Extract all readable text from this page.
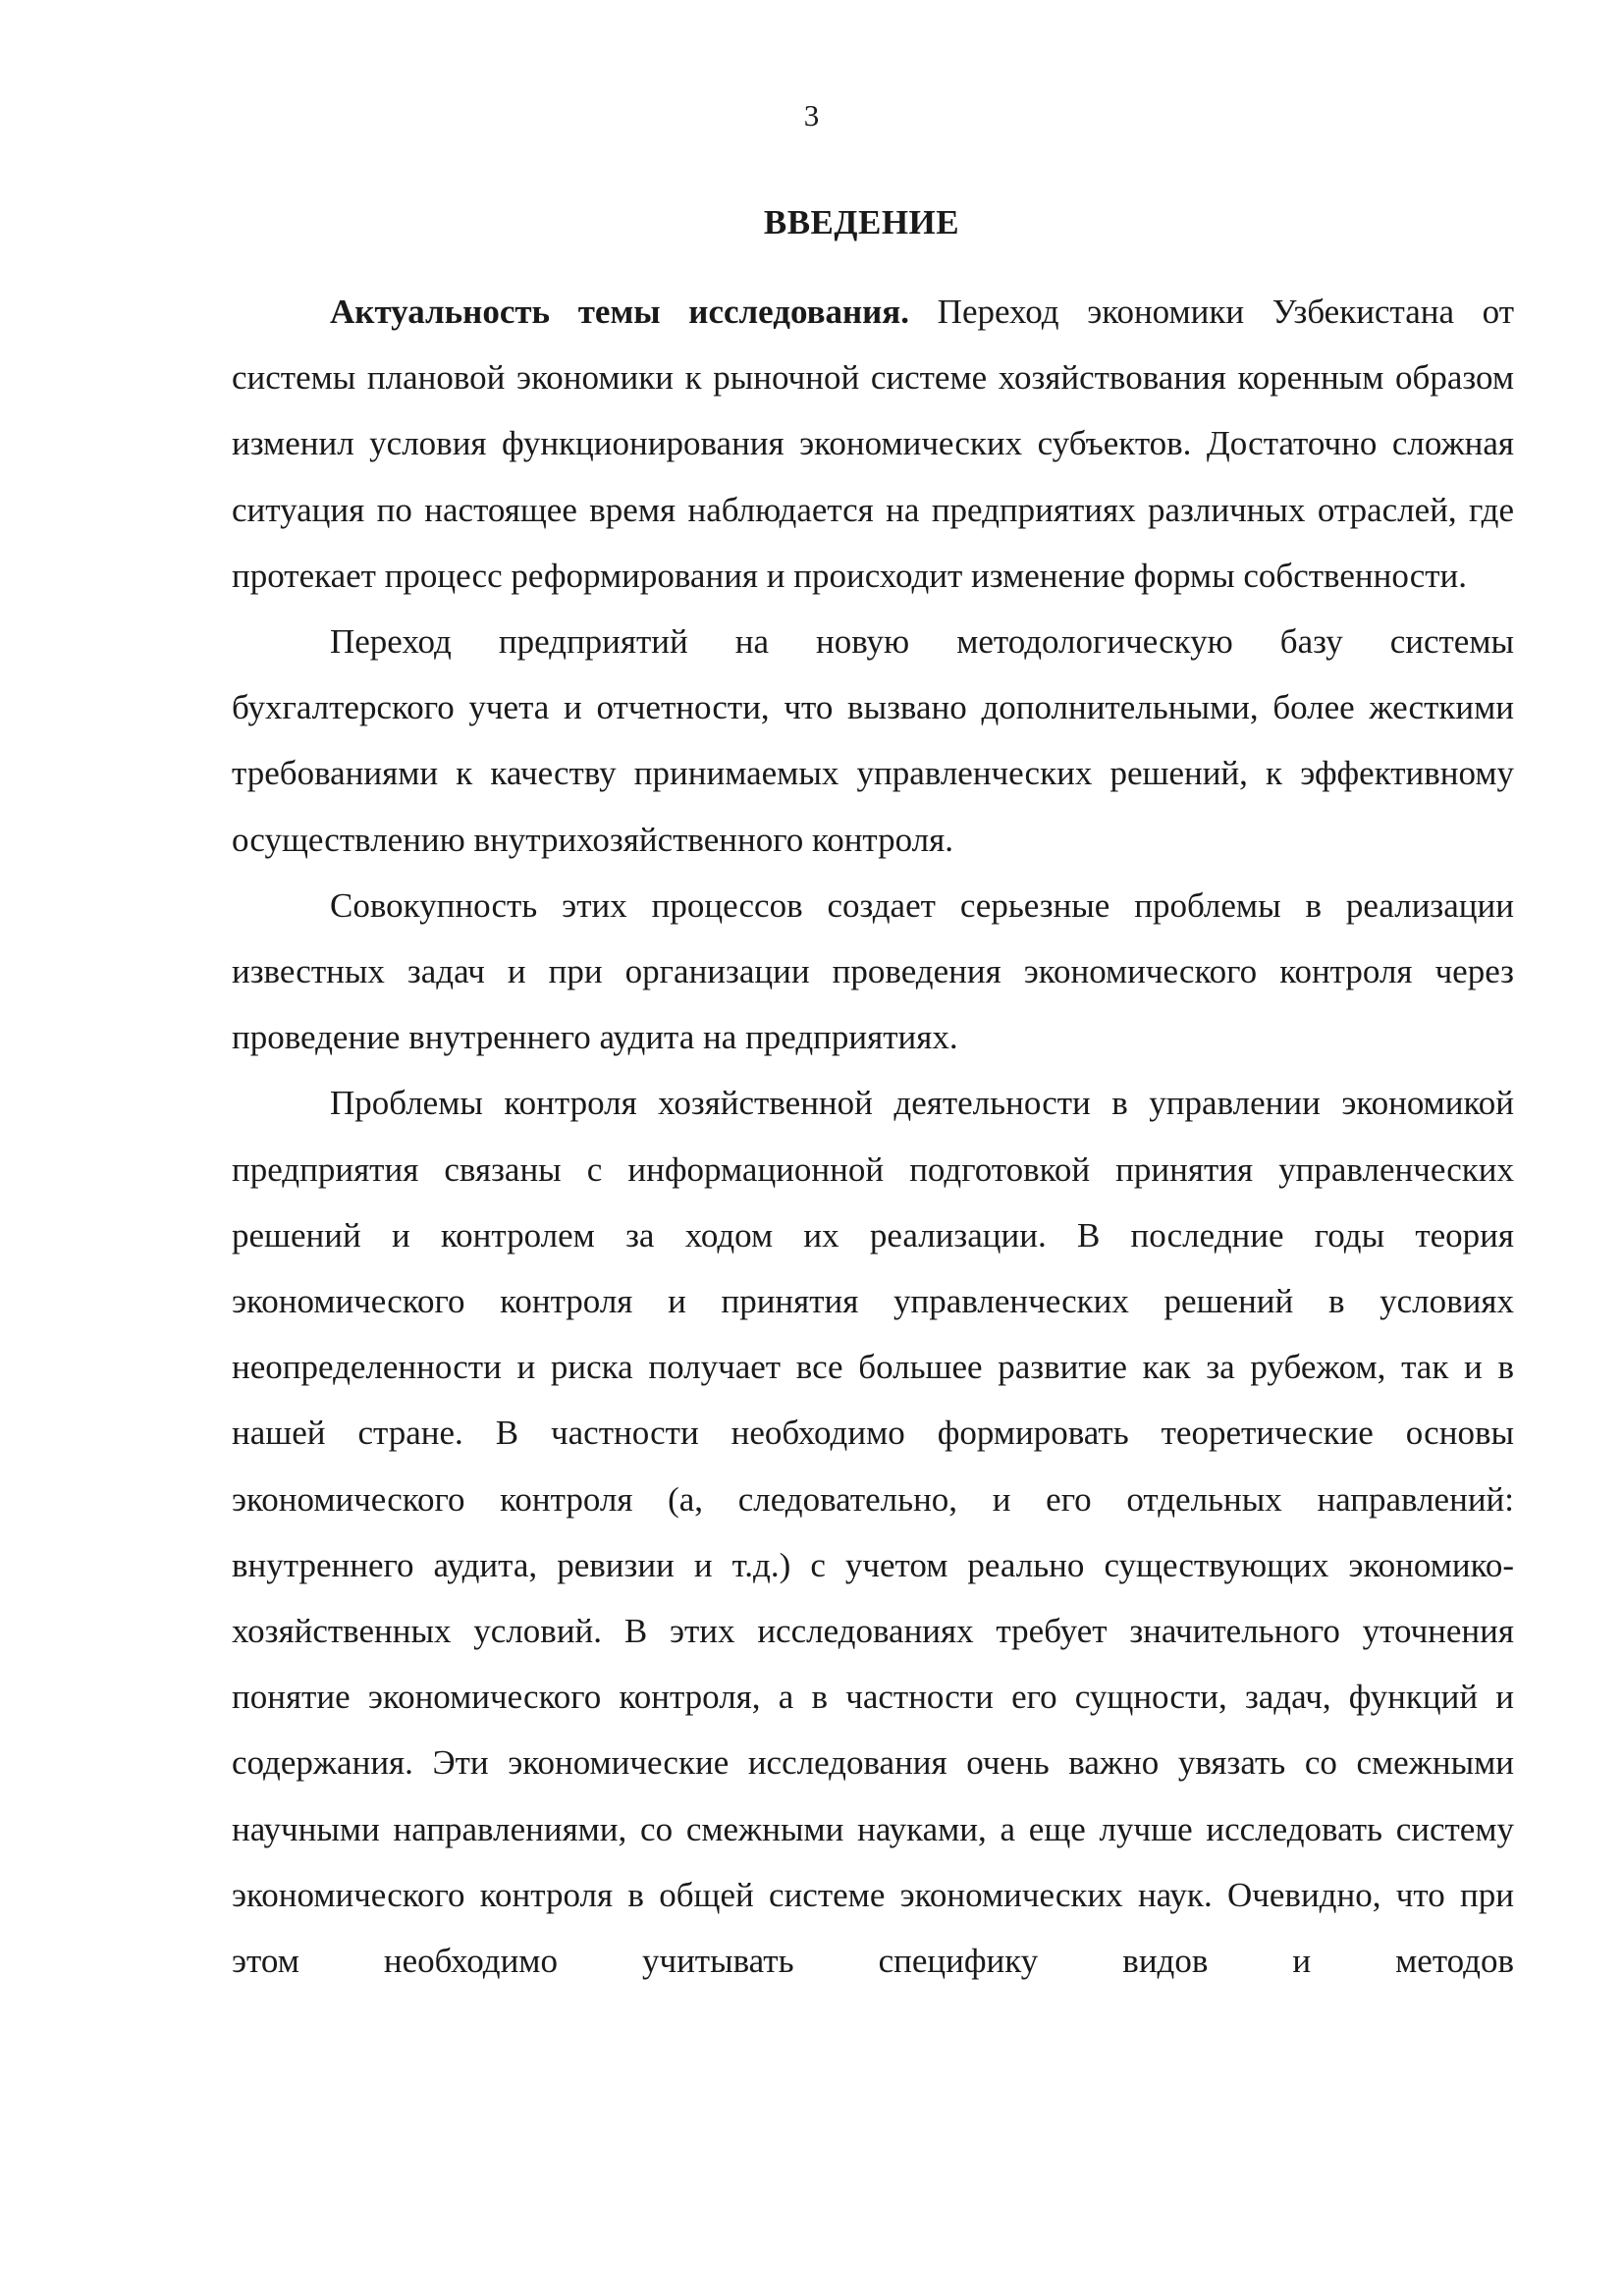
3
ВВЕДЕНИЕ

Актуальность темы исследования. Переход экономики Узбекистана от системы плановой экономики к рыночной системе хозяйствования коренным образом изменил условия функционирования экономических субъектов. Достаточно сложная ситуация по настоящее время наблюдается на предприятиях различных отраслей, где протекает процесс реформирования и происходит изменение формы собственности.

Переход предприятий на новую методологическую базу системы бухгалтерского учета и отчетности, что вызвано дополнительными, более жесткими требованиями к качеству принимаемых управленческих решений, к эффективному осуществлению внутрихозяйственного контроля.

Совокупность этих процессов создает серьезные проблемы в реализации известных задач и при организации проведения экономического контроля через проведение внутреннего аудита на предприятиях.

Проблемы контроля хозяйственной деятельности в управлении экономикой предприятия связаны с информационной подготовкой принятия управленческих решений и контролем за ходом их реализации. В последние годы теория экономического контроля и принятия управленческих решений в условиях неопределенности и риска получает все большее развитие как за рубежом, так и в нашей стране. В частности необходимо формировать теоретические основы экономического контроля (а, следовательно, и его отдельных направлений: внутреннего аудита, ревизии и т.д.) с учетом реально существующих экономико-хозяйственных условий. В этих исследованиях требует значительного уточнения понятие экономического контроля, а в частности его сущности, задач, функций и содержания. Эти экономические исследования очень важно увязать со смежными научными направлениями, со смежными науками, а еще лучше исследовать систему экономического контроля в общей системе экономических наук. Очевидно, что при этом необходимо учитывать специфику видов и методов
